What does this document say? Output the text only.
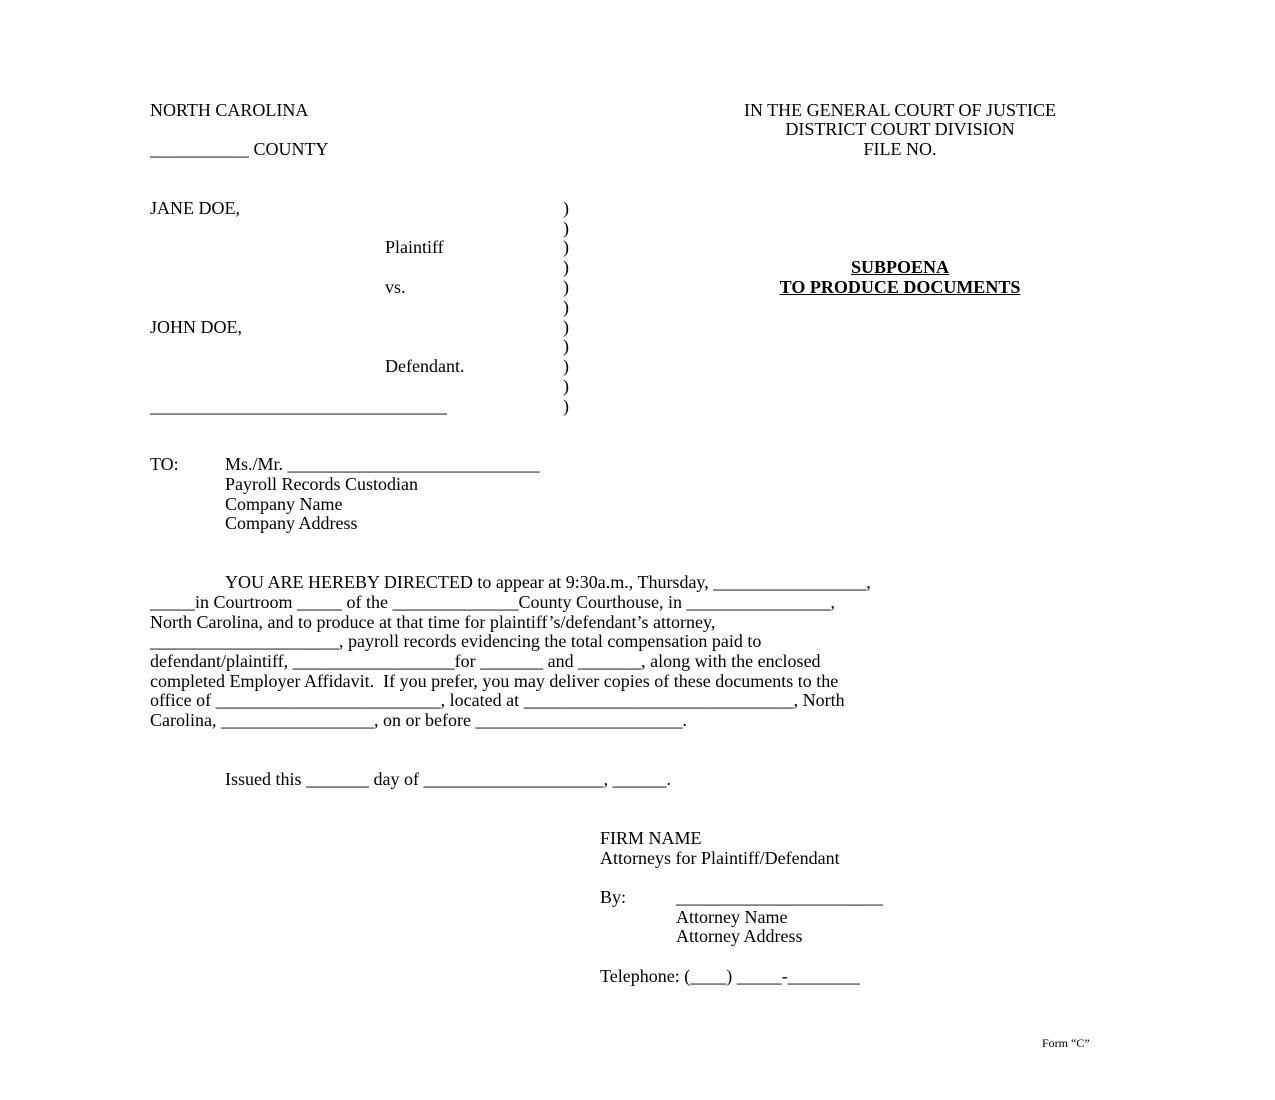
NORTH CAROLINA
___________ COUNTY
IN THE GENERAL COURT OF JUSTICE
DISTRICT COURT DIVISION
FILE NO.
JANE DOE,
Plaintiff
vs.
JOHN DOE,
Defendant.
_________________________________
)
)
)
)
)
)
)
)
)
)
)
SUBPOENA
TO PRODUCE DOCUMENTS
TO:	Ms./Mr. ____________________________
Payroll Records Custodian
Company Name
Company Address
YOU ARE HEREBY DIRECTED to appear at 9:30a.m., Thursday, _________________,
_____in Courtroom _____ of the ______________County Courthouse, in ________________,
North Carolina, and to produce at that time for plaintiff’s/defendant’s attorney,
_____________________, payroll records evidencing the total compensation paid to
defendant/plaintiff, __________________for _______ and _______, along with the enclosed
completed Employer Affidavit.  If you prefer, you may deliver copies of these documents to the
office of _________________________, located at ______________________________, North
Carolina, _________________, on or before _______________________.
Issued this _______ day of ____________________, ______.
FIRM NAME
Attorneys for Plaintiff/Defendant
By:	_______________________
Attorney Name
Attorney Address
Telephone: (____) _____-________
Form “C”
